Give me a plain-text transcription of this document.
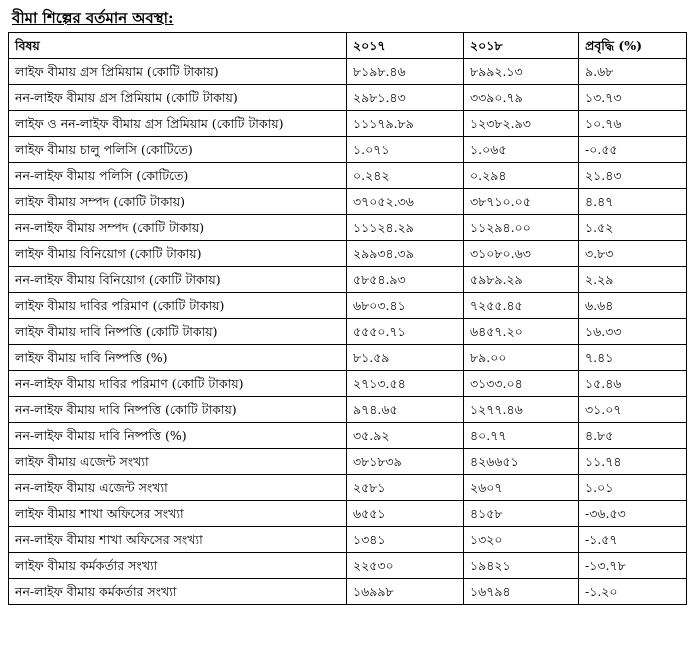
বীমা শিল্পের বর্তমান অবস্থা:
বিষয়	২০১৭	২০১৮	প্রবৃদ্ধি (%)
লাইফ বীমায় গ্রস প্রিমিয়াম (কোটি টাকায়)	৮১৯৮.৪৬	৮৯৯২.১৩	৯.৬৮
নন-লাইফ বীমায় গ্রস প্রিমিয়াম (কোটি টাকায়)	২৯৮১.৪৩	৩৩৯০.৭৯	১৩.৭৩
লাইফ ও নন-লাইফ বীমায় গ্রস প্রিমিয়াম (কোটি টাকায়)	১১১৭৯.৮৯	১২৩৮২.৯৩	১০.৭৬
লাইফ বীমায় চালু পলিসি (কোটিতে)	১.০৭১	১.০৬৫	-০.৫৫
নন-লাইফ বীমায় পলিসি (কোটিতে)	০.২৪২	০.২৯৪	২১.৪৩
লাইফ বীমায় সম্পদ (কোটি টাকায়)	৩৭০৫২.৩৬	৩৮৭১০.০৫	৪.৪৭
নন-লাইফ বীমায় সম্পদ (কোটি টাকায়)	১১১২৪.২৯	১১২৯৪.০০	১.৫২
লাইফ বীমায় বিনিয়োগ (কোটি টাকায়)	২৯৯৩৪.৩৯	৩১০৮০.৬৩	৩.৮৩
নন-লাইফ বীমায় বিনিয়োগ (কোটি টাকায়)	৫৮৫৪.৯৩	৫৯৮৯.২৯	২.২৯
লাইফ বীমায় দাবির পরিমাণ (কোটি টাকায়)	৬৮০৩.৪১	৭২৫৫.৪৫	৬.৬৪
লাইফ বীমায় দাবি নিষ্পত্তি (কোটি টাকায়)	৫৫৫০.৭১	৬৪৫৭.২০	১৬.৩৩
লাইফ বীমায় দাবি নিষ্পত্তি (%)	৮১.৫৯	৮৯.০০	৭.৪১
নন-লাইফ বীমায় দাবির পরিমাণ (কোটি টাকায়)	২৭১৩.৫৪	৩১৩৩.০৪	১৫.৪৬
নন-লাইফ বীমায় দাবি নিষ্পত্তি (কোটি টাকায়)	৯৭৪.৬৫	১২৭৭.৪৬	৩১.০৭
নন-লাইফ বীমায় দাবি নিষ্পত্তি (%)	৩৫.৯২	৪০.৭৭	৪.৮৫
লাইফ বীমায় এজেন্ট সংখ্যা	৩৮১৮৩৯	৪২৬৬৫১	১১.৭৪
নন-লাইফ বীমায় এজেন্ট সংখ্যা	২৫৮১	২৬০৭	১.০১
লাইফ বীমায় শাখা অফিসের সংখ্যা	৬৫৫১	৪১৫৮	-৩৬.৫৩
নন-লাইফ বীমায় শাখা অফিসের সংখ্যা	১৩৪১	১৩২০	-১.৫৭
লাইফ বীমায় কর্মকর্তার সংখ্যা	২২৫৩০	১৯৪২১	-১৩.৭৮
নন-লাইফ বীমায় কর্মকর্তার সংখ্যা	১৬৯৯৮	১৬৭৯৪	-১.২০
